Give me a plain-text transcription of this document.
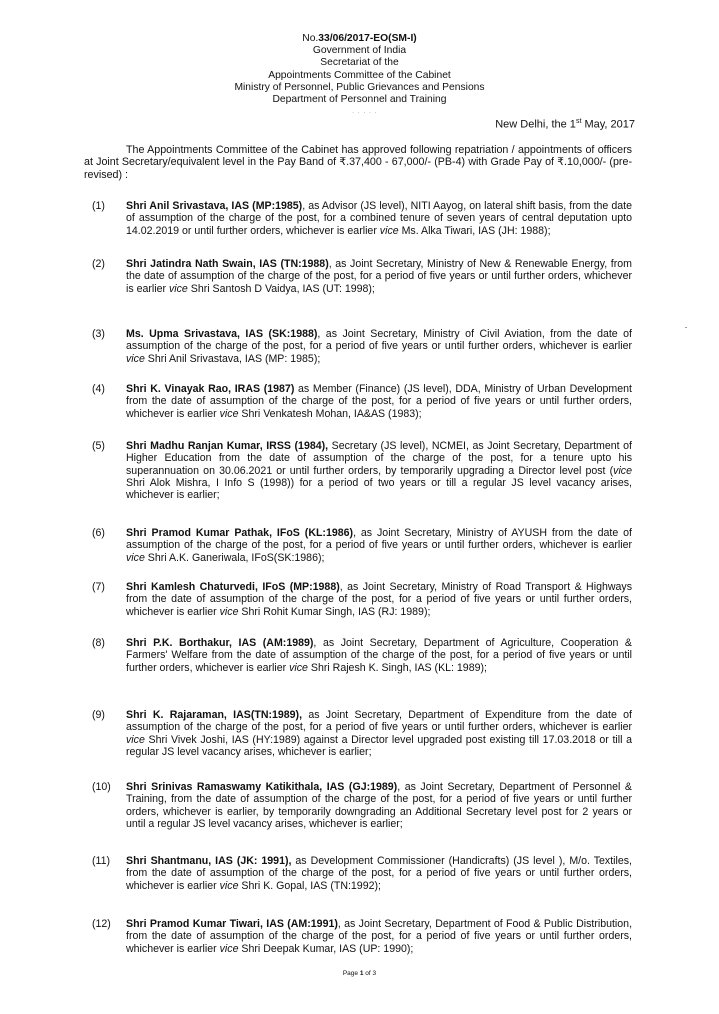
No.33/06/2017-EO(SM-I)
Government of India
Secretariat of the
Appointments Committee of the Cabinet
Ministry of Personnel, Public Grievances and Pensions
Department of Personnel and Training
· · · · ·
New Delhi, the 1st May, 2017
The Appointments Committee of the Cabinet has approved following repatriation / appointments of officers at Joint Secretary/equivalent level in the Pay Band of ₹.37,400 - 67,000/- (PB-4) with Grade Pay of ₹.10,000/- (pre-revised) :

(1) Shri Anil Srivastava, IAS (MP:1985), as Advisor (JS level), NITI Aayog, on lateral shift basis, from the date of assumption of the charge of the post, for a combined tenure of seven years of central deputation upto 14.02.2019 or until further orders, whichever is earlier vice Ms. Alka Tiwari, IAS (JH: 1988);

(2) Shri Jatindra Nath Swain, IAS (TN:1988), as Joint Secretary, Ministry of New & Renewable Energy, from the date of assumption of the charge of the post, for a period of five years or until further orders, whichever is earlier vice Shri Santosh D Vaidya, IAS (UT: 1998);

(3) Ms. Upma Srivastava, IAS (SK:1988), as Joint Secretary, Ministry of Civil Aviation, from the date of assumption of the charge of the post, for a period of five years or until further orders, whichever is earlier vice Shri Anil Srivastava, IAS (MP: 1985);

(4) Shri K. Vinayak Rao, IRAS (1987) as Member (Finance) (JS level), DDA, Ministry of Urban Development from the date of assumption of the charge of the post, for a period of five years or until further orders, whichever is earlier vice Shri Venkatesh Mohan, IA&AS (1983);

(5) Shri Madhu Ranjan Kumar, IRSS (1984), Secretary (JS level), NCMEI, as Joint Secretary, Department of Higher Education from the date of assumption of the charge of the post, for a tenure upto his superannuation on 30.06.2021 or until further orders, by temporarily upgrading a Director level post (vice Shri Alok Mishra, I Info S (1998)) for a period of two years or till a regular JS level vacancy arises, whichever is earlier;

(6) Shri Pramod Kumar Pathak, IFoS (KL:1986), as Joint Secretary, Ministry of AYUSH from the date of assumption of the charge of the post, for a period of five years or until further orders, whichever is earlier vice Shri A.K. Ganeriwala, IFoS(SK:1986);

(7) Shri Kamlesh Chaturvedi, IFoS (MP:1988), as Joint Secretary, Ministry of Road Transport & Highways from the date of assumption of the charge of the post, for a period of five years or until further orders, whichever is earlier vice Shri Rohit Kumar Singh, IAS (RJ: 1989);

(8) Shri P.K. Borthakur, IAS (AM:1989), as Joint Secretary, Department of Agriculture, Cooperation & Farmers' Welfare from the date of assumption of the charge of the post, for a period of five years or until further orders, whichever is earlier vice Shri Rajesh K. Singh, IAS (KL: 1989);

(9) Shri K. Rajaraman, IAS(TN:1989), as Joint Secretary, Department of Expenditure from the date of assumption of the charge of the post, for a period of five years or until further orders, whichever is earlier vice Shri Vivek Joshi, IAS (HY:1989) against a Director level upgraded post existing till 17.03.2018 or till a regular JS level vacancy arises, whichever is earlier;

(10) Shri Srinivas Ramaswamy Katikithala, IAS (GJ:1989), as Joint Secretary, Department of Personnel & Training, from the date of assumption of the charge of the post, for a period of five years or until further orders, whichever is earlier, by temporarily downgrading an Additional Secretary level post for 2 years or until a regular JS level vacancy arises, whichever is earlier;

(11) Shri Shantmanu, IAS (JK: 1991), as Development Commissioner (Handicrafts) (JS level ), M/o. Textiles, from the date of assumption of the charge of the post, for a period of five years or until further orders, whichever is earlier vice Shri K. Gopal, IAS (TN:1992);

(12) Shri Pramod Kumar Tiwari, IAS (AM:1991), as Joint Secretary, Department of Food & Public Distribution, from the date of assumption of the charge of the post, for a period of five years or until further orders, whichever is earlier vice Shri Deepak Kumar, IAS (UP: 1990);

Page 1 of 3
